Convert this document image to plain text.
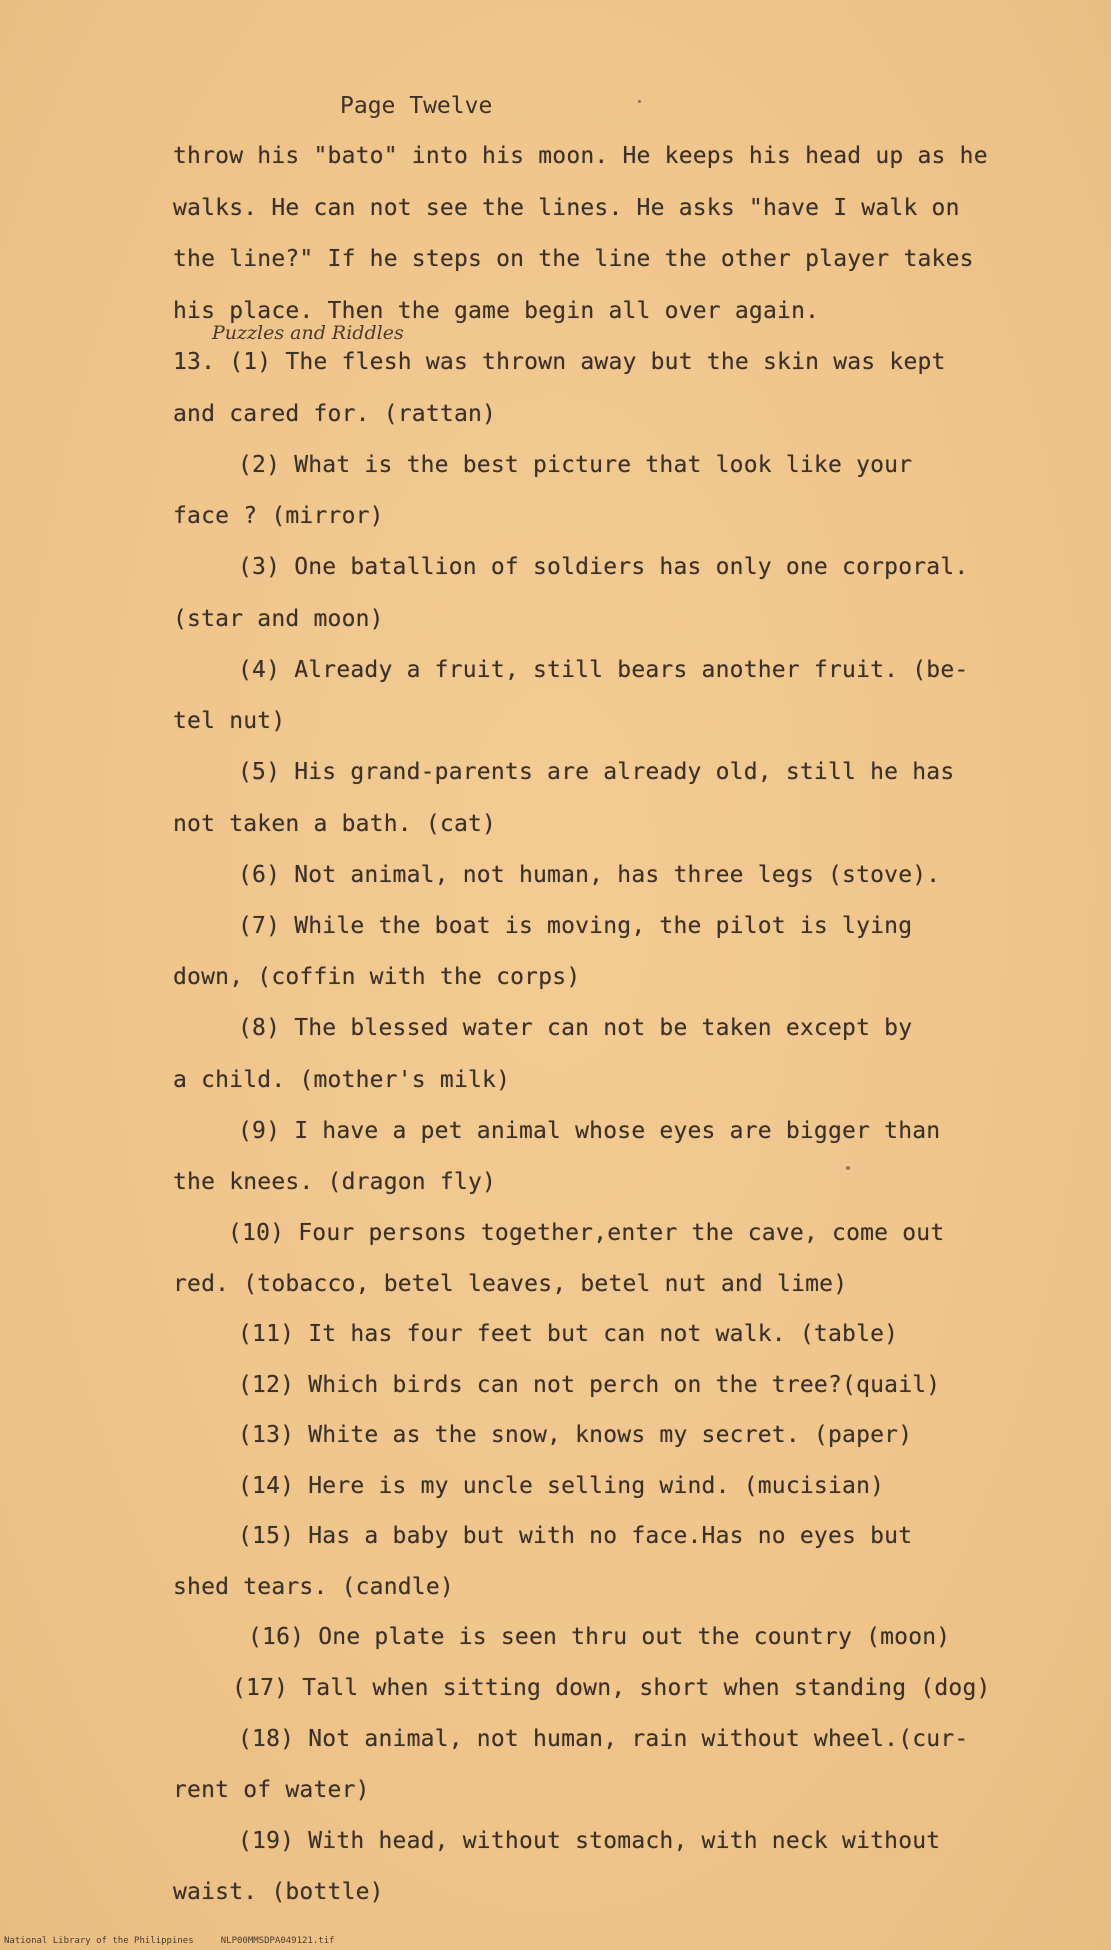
Page Twelve
throw his "bato" into his moon. He keeps his head up as he
walks. He can not see the lines. He asks "have I walk on
the line?" If he steps on the line the other player takes
his place. Then the game begin all over again.
Puzzles and Riddles
13. (1) The flesh was thrown away but the skin was kept
and cared for. (rattan)
(2) What is the best picture that look like your
face ? (mirror)
(3) One batallion of soldiers has only one corporal.
(star and moon)
(4) Already a fruit, still bears another fruit. (be-
tel nut)
(5) His grand-parents are already old, still he has
not taken a bath. (cat)
(6) Not animal, not human, has three legs (stove).
(7) While the boat is moving, the pilot is lying
down, (coffin with the corps)
(8) The blessed water can not be taken except by
a child. (mother's milk)
(9) I have a pet animal whose eyes are bigger than
the knees. (dragon fly)
(10) Four persons together,enter the cave, come out
red. (tobacco, betel leaves, betel nut and lime)
(11) It has four feet but can not walk. (table)
(12) Which birds can not perch on the tree?(quail)
(13) White as the snow, knows my secret. (paper)
(14) Here is my uncle selling wind. (mucisian)
(15) Has a baby but with no face.Has no eyes but
shed tears. (candle)
(16) One plate is seen thru out the country (moon)
(17) Tall when sitting down, short when standing (dog)
(18) Not animal, not human, rain without wheel.(cur-
rent of water)
(19) With head, without stomach, with neck without
waist. (bottle)
National Library of the Philippines     NLP00MMSDPA049121.tif
